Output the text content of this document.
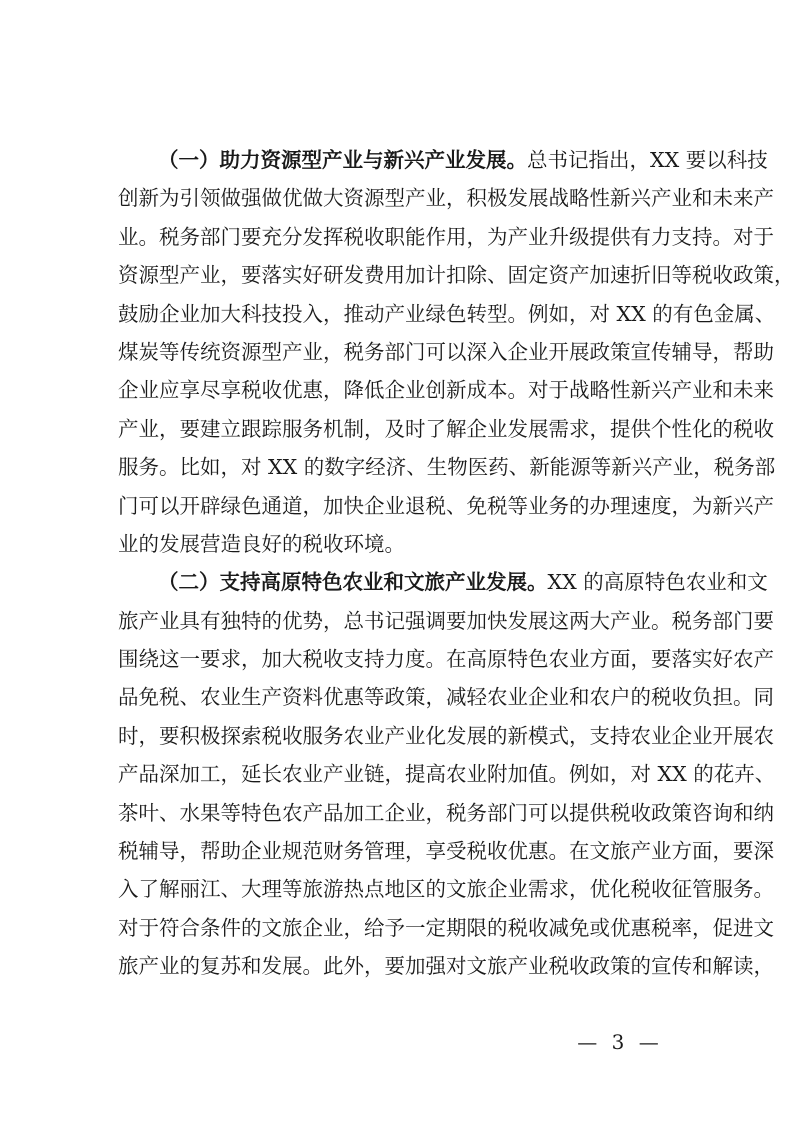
（一）助力资源型产业与新兴产业发展。总书记指出，XX 要以科技
创新为引领做强做优做大资源型产业，积极发展战略性新兴产业和未来产
业。税务部门要充分发挥税收职能作用，为产业升级提供有力支持。对于
资源型产业，要落实好研发费用加计扣除、固定资产加速折旧等税收政策，
鼓励企业加大科技投入，推动产业绿色转型。例如，对 XX 的有色金属、
煤炭等传统资源型产业，税务部门可以深入企业开展政策宣传辅导，帮助
企业应享尽享税收优惠，降低企业创新成本。对于战略性新兴产业和未来
产业，要建立跟踪服务机制，及时了解企业发展需求，提供个性化的税收
服务。比如，对 XX 的数字经济、生物医药、新能源等新兴产业，税务部
门可以开辟绿色通道，加快企业退税、免税等业务的办理速度，为新兴产
业的发展营造良好的税收环境。
（二）支持高原特色农业和文旅产业发展。XX 的高原特色农业和文
旅产业具有独特的优势，总书记强调要加快发展这两大产业。税务部门要
围绕这一要求，加大税收支持力度。在高原特色农业方面，要落实好农产
品免税、农业生产资料优惠等政策，减轻农业企业和农户的税收负担。同
时，要积极探索税收服务农业产业化发展的新模式，支持农业企业开展农
产品深加工，延长农业产业链，提高农业附加值。例如，对 XX 的花卉、
茶叶、水果等特色农产品加工企业，税务部门可以提供税收政策咨询和纳
税辅导，帮助企业规范财务管理，享受税收优惠。在文旅产业方面，要深
入了解丽江、大理等旅游热点地区的文旅企业需求，优化税收征管服务。
对于符合条件的文旅企业，给予一定期限的税收减免或优惠税率，促进文
旅产业的复苏和发展。此外，要加强对文旅产业税收政策的宣传和解读，
— 3 —
